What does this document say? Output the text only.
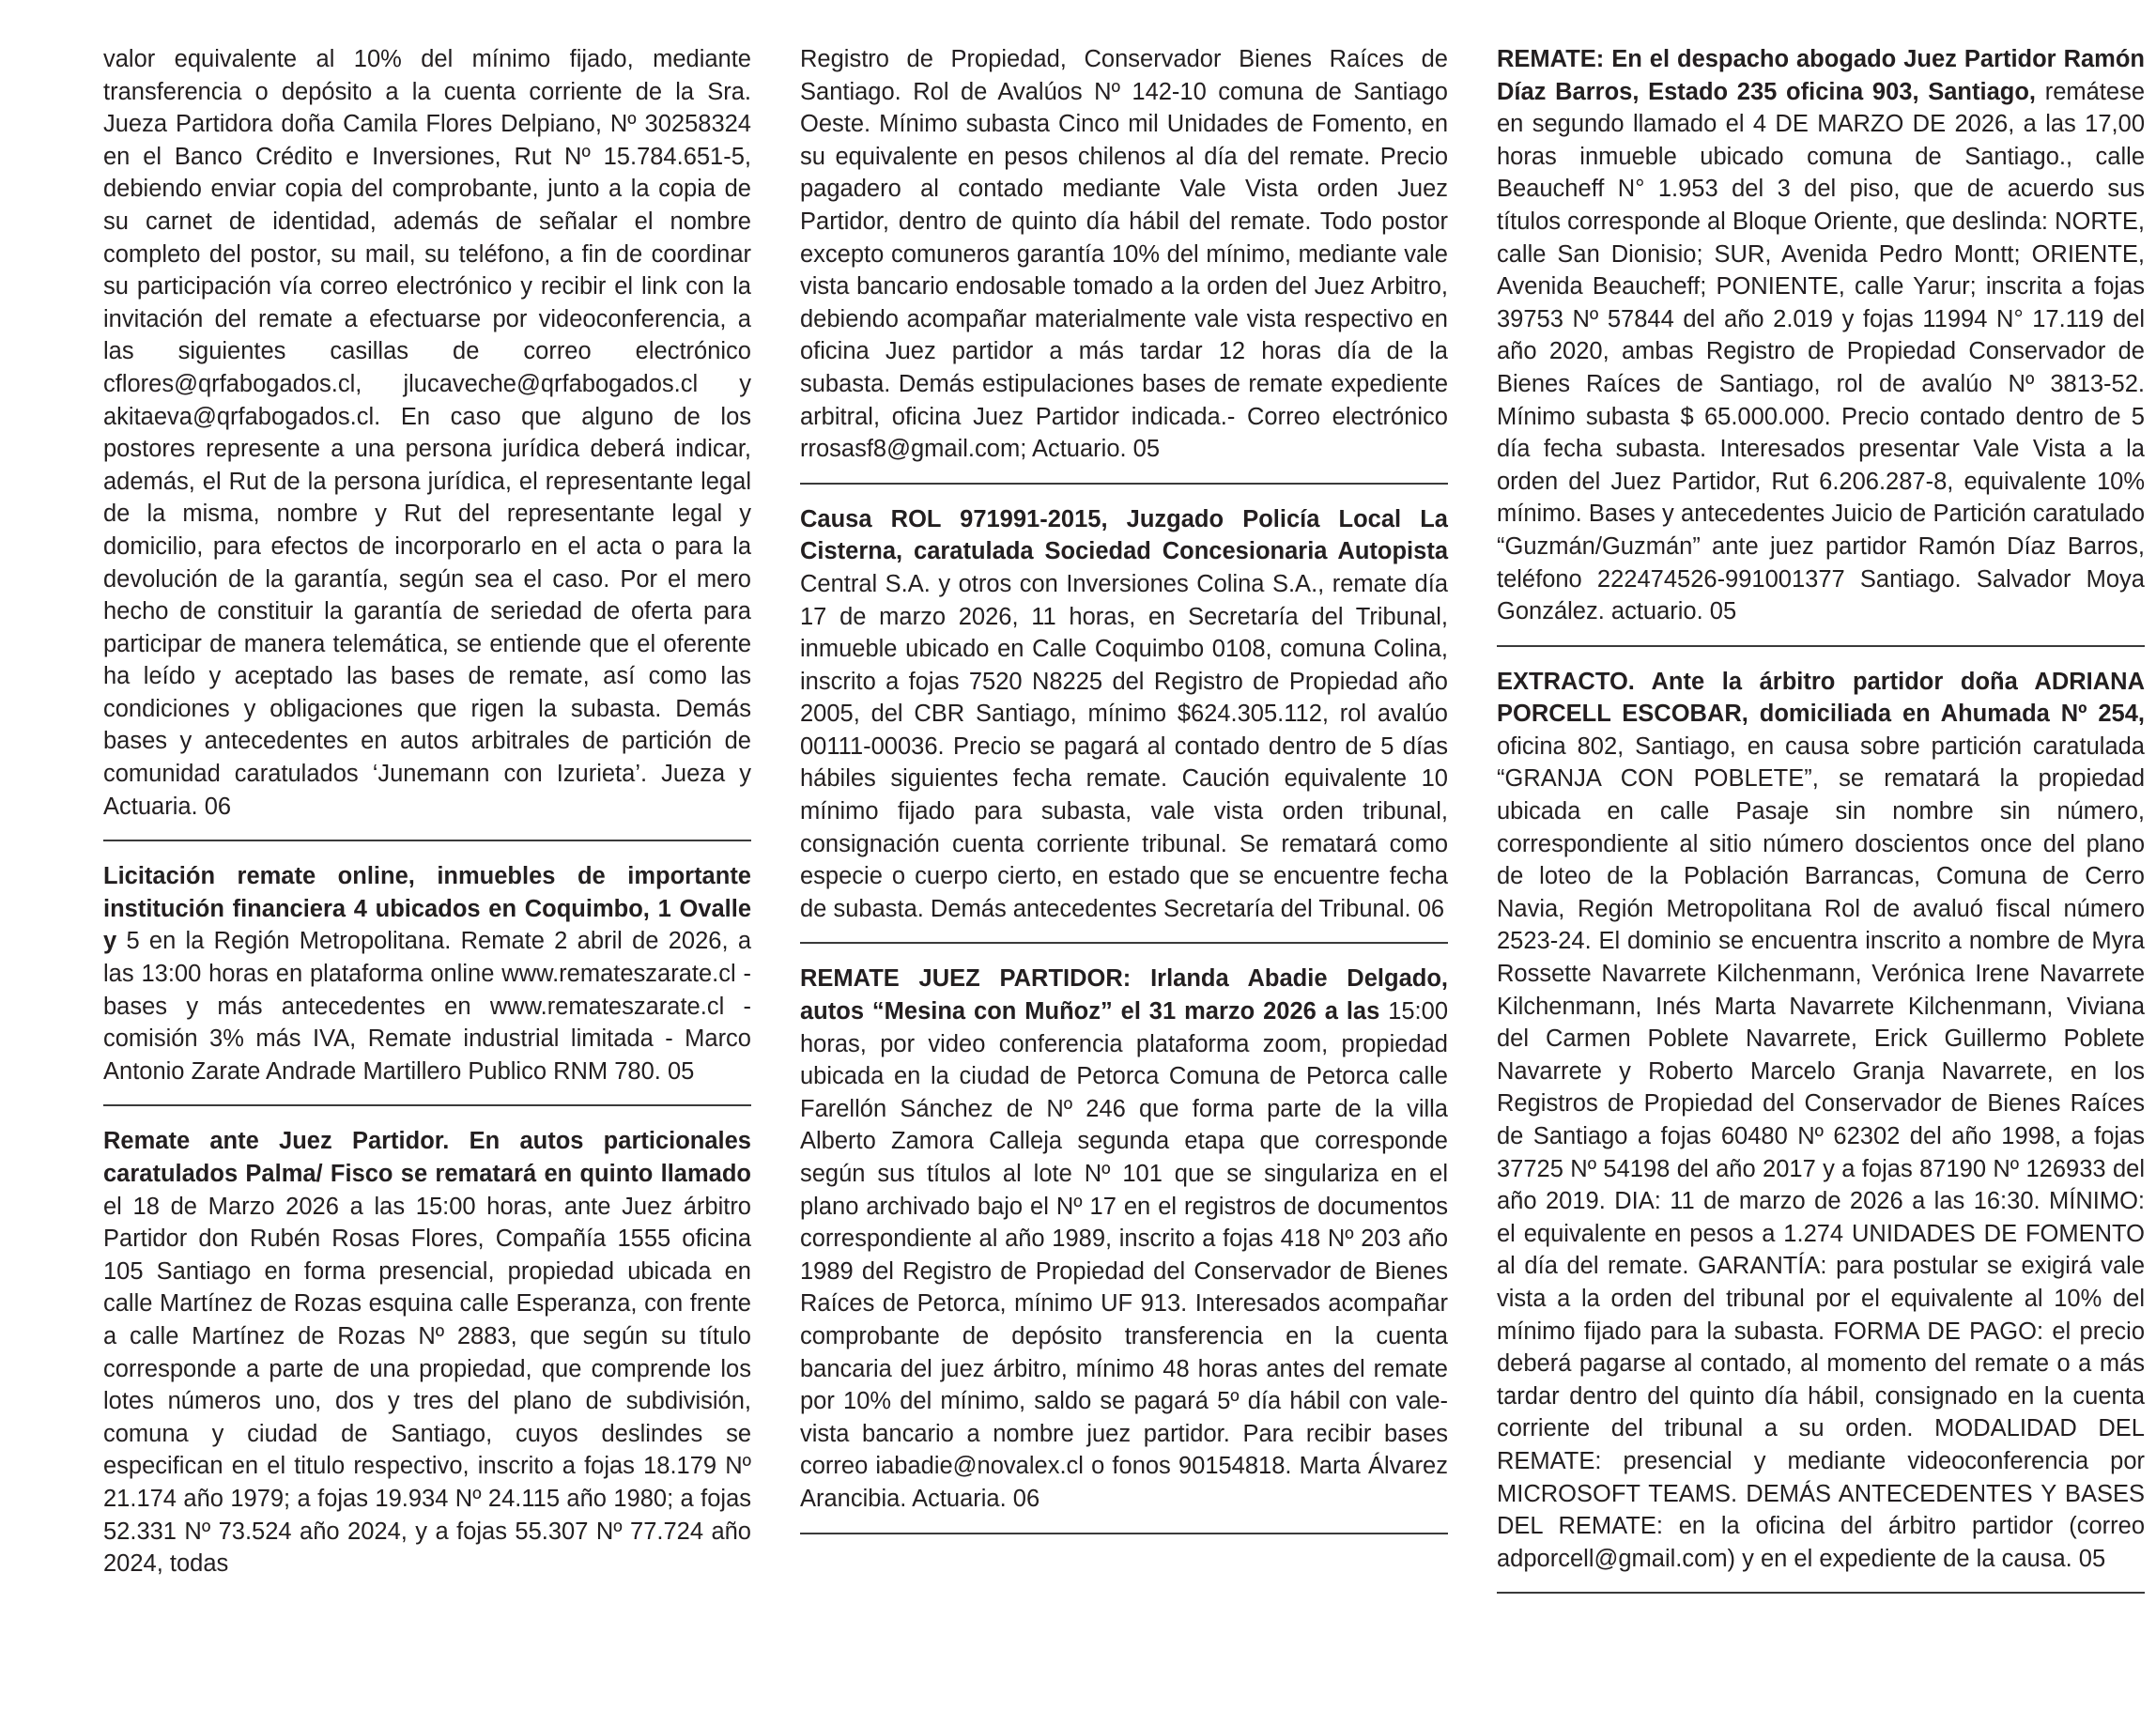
valor equivalente al 10% del mínimo fijado, mediante transferencia o depósito a la cuenta corriente de la Sra. Jueza Partidora doña Camila Flores Delpiano, Nº 30258324 en el Banco Crédito e Inversiones, Rut Nº 15.784.651-5, debiendo enviar copia del comprobante, junto a la copia de su carnet de identidad, además de señalar el nombre completo del postor, su mail, su teléfono, a fin de coordinar su participación vía correo electrónico y recibir el link con la invitación del remate a efectuarse por videoconferencia, a las siguientes casillas de correo electrónico cflores@qrfabogados.cl, jlucaveche@qrfabogados.cl y akitaeva@qrfabogados.cl. En caso que alguno de los postores represente a una persona jurídica deberá indicar, además, el Rut de la persona jurídica, el representante legal de la misma, nombre y Rut del representante legal y domicilio, para efectos de incorporarlo en el acta o para la devolución de la garantía, según sea el caso. Por el mero hecho de constituir la garantía de seriedad de oferta para participar de manera telemática, se entiende que el oferente ha leído y aceptado las bases de remate, así como las condiciones y obligaciones que rigen la subasta. Demás bases y antecedentes en autos arbitrales de partición de comunidad caratulados ‘Junemann con Izurieta’. Jueza y Actuaria. 06

Licitación remate online, inmuebles de importante institución financiera 4 ubicados en Coquimbo, 1 Ovalle y 5 en la Región Metropolitana. Remate 2 abril de 2026, a las 13:00 horas en plataforma online www.remateszarate.cl - bases y más antecedentes en www.remateszarate.cl - comisión 3% más IVA, Remate industrial limitada - Marco Antonio Zarate Andrade Martillero Publico RNM 780. 05

Remate ante Juez Partidor. En autos particionales caratulados Palma/ Fisco se rematará en quinto llamado el 18 de Marzo 2026 a las 15:00 horas, ante Juez árbitro Partidor don Rubén Rosas Flores, Compañía 1555 oficina 105 Santiago en forma presencial, propiedad ubicada en calle Martínez de Rozas esquina calle Esperanza, con frente a calle Martínez de Rozas Nº 2883, que según su título corresponde a parte de una propiedad, que comprende los lotes números uno, dos y tres del plano de subdivisión, comuna y ciudad de Santiago, cuyos deslindes se especifican en el titulo respectivo, inscrito a fojas 18.179 Nº 21.174 año 1979; a fojas 19.934 Nº 24.115 año 1980; a fojas 52.331 Nº 73.524 año 2024, y a fojas 55.307 Nº 77.724 año 2024, todas

Registro de Propiedad, Conservador Bienes Raíces de Santiago. Rol de Avalúos Nº 142-10 comuna de Santiago Oeste. Mínimo subasta Cinco mil Unidades de Fomento, en su equivalente en pesos chilenos al día del remate. Precio pagadero al contado mediante Vale Vista orden Juez Partidor, dentro de quinto día hábil del remate. Todo postor excepto comuneros garantía 10% del mínimo, mediante vale vista bancario endosable tomado a la orden del Juez Arbitro, debiendo acompañar materialmente vale vista respectivo en oficina Juez partidor a más tardar 12 horas día de la subasta. Demás estipulaciones bases de remate expediente arbitral, oficina Juez Partidor indicada.- Correo electrónico rrosasf8@gmail.com; Actuario. 05

Causa ROL 971991-2015, Juzgado Policía Local La Cisterna, caratulada Sociedad Concesionaria Autopista Central S.A. y otros con Inversiones Colina S.A., remate día 17 de marzo 2026, 11 horas, en Secretaría del Tribunal, inmueble ubicado en Calle Coquimbo 0108, comuna Colina, inscrito a fojas 7520 N8225 del Registro de Propiedad año 2005, del CBR Santiago, mínimo $624.305.112, rol avalúo 00111-00036. Precio se pagará al contado dentro de 5 días hábiles siguientes fecha remate. Caución equivalente 10 mínimo fijado para subasta, vale vista orden tribunal, consignación cuenta corriente tribunal. Se rematará como especie o cuerpo cierto, en estado que se encuentre fecha de subasta. Demás antecedentes Secretaría del Tribunal. 06

REMATE JUEZ PARTIDOR: Irlanda Abadie Delgado, autos “Mesina con Muñoz” el 31 marzo 2026 a las 15:00 horas, por video conferencia plataforma zoom, propiedad ubicada en la ciudad de Petorca Comuna de Petorca calle Farellón Sánchez de Nº 246 que forma parte de la villa Alberto Zamora Calleja segunda etapa que corresponde según sus títulos al lote Nº 101 que se singulariza en el plano archivado bajo el Nº 17 en el registros de documentos correspondiente al año 1989, inscrito a fojas 418 Nº 203 año 1989 del Registro de Propiedad del Conservador de Bienes Raíces de Petorca, mínimo UF 913. Interesados acompañar comprobante de depósito transferencia en la cuenta bancaria del juez árbitro, mínimo 48 horas antes del remate por 10% del mínimo, saldo se pagará 5º día hábil con vale-vista bancario a nombre juez partidor. Para recibir bases correo iabadie@novalex.cl o fonos 90154818. Marta Álvarez Arancibia. Actuaria. 06

REMATE: En el despacho abogado Juez Partidor Ramón Díaz Barros, Estado 235 oficina 903, Santiago, remátese en segundo llamado el 4 DE MARZO DE 2026, a las 17,00 horas inmueble ubicado comuna de Santiago., calle Beaucheff N° 1.953 del 3 del piso, que de acuerdo sus títulos corresponde al Bloque Oriente, que deslinda: NORTE, calle San Dionisio; SUR, Avenida Pedro Montt; ORIENTE, Avenida Beaucheff; PONIENTE, calle Yarur; inscrita a fojas 39753 Nº 57844 del año 2.019 y fojas 11994 N° 17.119 del año 2020, ambas Registro de Propiedad Conservador de Bienes Raíces de Santiago, rol de avalúo Nº 3813-52. Mínimo subasta $ 65.000.000. Precio contado dentro de 5 día fecha subasta. Interesados presentar Vale Vista a la orden del Juez Partidor, Rut 6.206.287-8, equivalente 10% mínimo. Bases y antecedentes Juicio de Partición caratulado “Guzmán/Guzmán” ante juez partidor Ramón Díaz Barros, teléfono 222474526-991001377 Santiago. Salvador Moya González. actuario. 05

EXTRACTO. Ante la árbitro partidor doña ADRIANA PORCELL ESCOBAR, domiciliada en Ahumada Nº 254, oficina 802, Santiago, en causa sobre partición caratulada “GRANJA CON POBLETE”, se rematará la propiedad ubicada en calle Pasaje sin nombre sin número, correspondiente al sitio número doscientos once del plano de loteo de la Población Barrancas, Comuna de Cerro Navia, Región Metropolitana Rol de avaluó fiscal número 2523-24. El dominio se encuentra inscrito a nombre de Myra Rossette Navarrete Kilchenmann, Verónica Irene Navarrete Kilchenmann, Inés Marta Navarrete Kilchenmann, Viviana del Carmen Poblete Navarrete, Erick Guillermo Poblete Navarrete y Roberto Marcelo Granja Navarrete, en los Registros de Propiedad del Conservador de Bienes Raíces de Santiago a fojas 60480 Nº 62302 del año 1998, a fojas 37725 Nº 54198 del año 2017 y a fojas 87190 Nº 126933 del año 2019. DIA: 11 de marzo de 2026 a las 16:30. MÍNIMO: el equivalente en pesos a 1.274 UNIDADES DE FOMENTO al día del remate. GARANTÍA: para postular se exigirá vale vista a la orden del tribunal por el equivalente al 10% del mínimo fijado para la subasta. FORMA DE PAGO: el precio deberá pagarse al contado, al momento del remate o a más tardar dentro del quinto día hábil, consignado en la cuenta corriente del tribunal a su orden. MODALIDAD DEL REMATE: presencial y mediante videoconferencia por MICROSOFT TEAMS. DEMÁS ANTECEDENTES Y BASES DEL REMATE: en la oficina del árbitro partidor (correo adporcell@gmail.com) y en el expediente de la causa. 05
